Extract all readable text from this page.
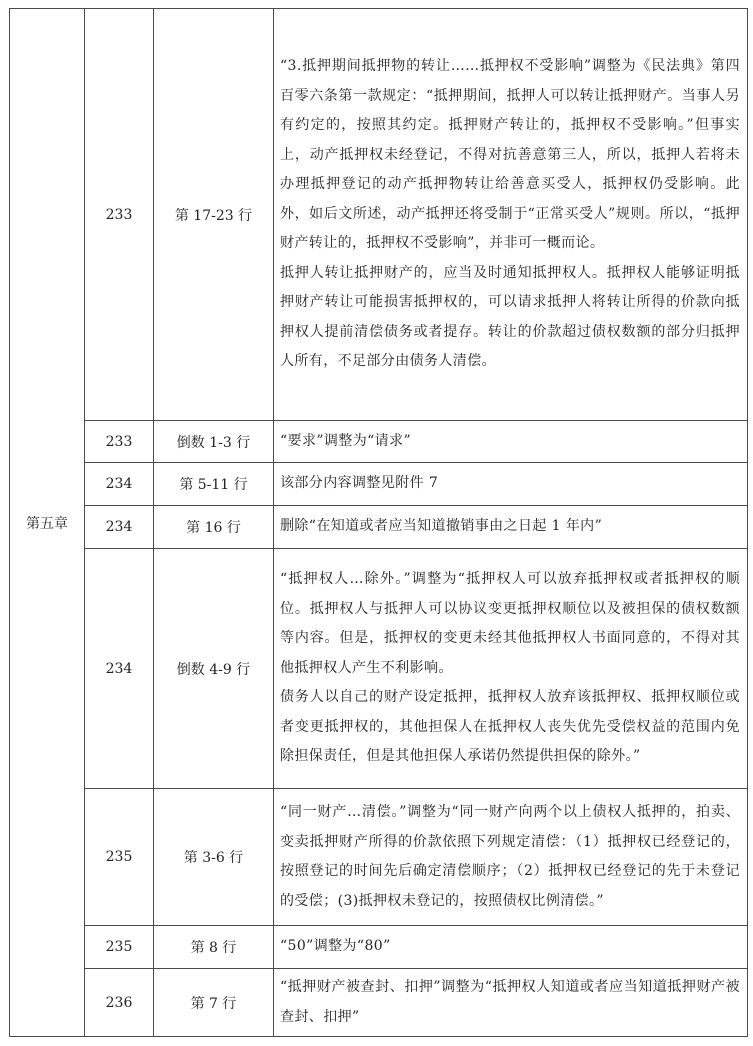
第五章	233	第 17-23 行	“3.抵押期间抵押物的转让……抵押权不受影响”调整为《民法典》第四百零六条第一款规定：“抵押期间，抵押人可以转让抵押财产。当事人另有约定的，按照其约定。抵押财产转让的，抵押权不受影响。”但事实上，动产抵押权未经登记，不得对抗善意第三人，所以，抵押人若将未办理抵押登记的动产抵押物转让给善意买受人，抵押权仍受影响。此外，如后文所述，动产抵押还将受制于“正常买受人”规则。所以，“抵押财产转让的，抵押权不受影响”，并非可一概而论。

抵押人转让抵押财产的，应当及时通知抵押权人。抵押权人能够证明抵押财产转让可能损害抵押权的，可以请求抵押人将转让所得的价款向抵押权人提前清偿债务或者提存。转让的价款超过债权数额的部分归抵押人所有，不足部分由债务人清偿。

	233	倒数 1-3 行	“要求”调整为“请求”

	234	第 5-11 行	该部分内容调整见附件 7

	234	第 16 行	删除“在知道或者应当知道撤销事由之日起 1 年内”

	234	倒数 4-9 行	“抵押权人…除外。”调整为“抵押权人可以放弃抵押权或者抵押权的顺位。抵押权人与抵押人可以协议变更抵押权顺位以及被担保的债权数额等内容。但是，抵押权的变更未经其他抵押权人书面同意的，不得对其他抵押权人产生不利影响。

债务人以自己的财产设定抵押，抵押权人放弃该抵押权、抵押权顺位或者变更抵押权的，其他担保人在抵押权人丧失优先受偿权益的范围内免除担保责任，但是其他担保人承诺仍然提供担保的除外。”

	235	第 3-6 行	“同一财产…清偿。”调整为“同一财产向两个以上债权人抵押的，拍卖、变卖抵押财产所得的价款依照下列规定清偿：（1）抵押权已经登记的，按照登记的时间先后确定清偿顺序；（2）抵押权已经登记的先于未登记的受偿；(3)抵押权未登记的，按照债权比例清偿。”

	235	第 8 行	“50”调整为“80”

	236	第 7 行	“抵押财产被查封、扣押”调整为“抵押权人知道或者应当知道抵押财产被查封、扣押”
